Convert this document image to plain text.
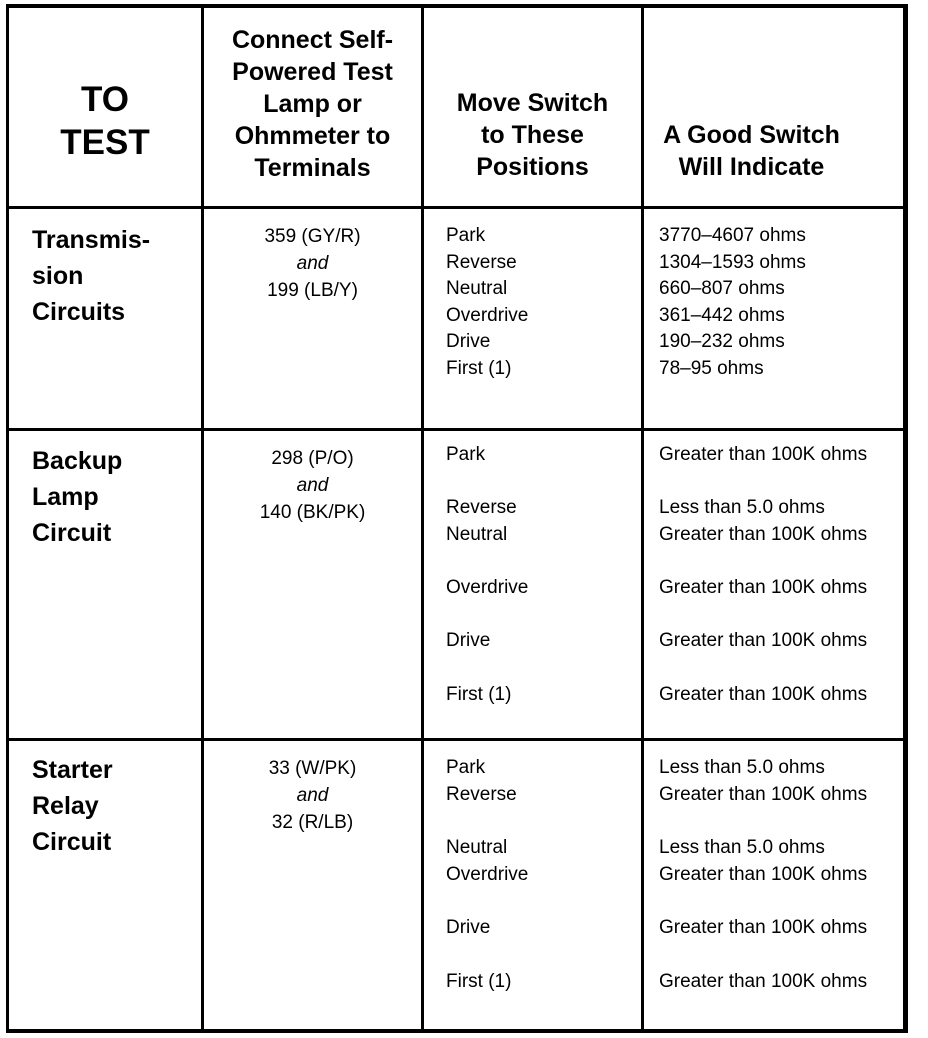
TO
TEST
Connect Self-
Powered Test
Lamp or
Ohmmeter to
Terminals
Move Switch
to These
Positions
A Good Switch
Will Indicate
Transmis-
sion
Circuits
359 (GY/R)
and
199 (LB/Y)
Park
Reverse
Neutral
Overdrive
Drive
First (1)
3770–4607 ohms
1304–1593 ohms
660–807 ohms
361–442 ohms
190–232 ohms
78–95 ohms
Backup
Lamp
Circuit
298 (P/O)
and
140 (BK/PK)
Park
Reverse
Neutral
Overdrive
Drive
First (1)
Greater than 100K ohms
Less than 5.0 ohms
Greater than 100K ohms
Greater than 100K ohms
Greater than 100K ohms
Greater than 100K ohms
Starter
Relay
Circuit
33 (W/PK)
and
32 (R/LB)
Park
Reverse
Neutral
Overdrive
Drive
First (1)
Less than 5.0 ohms
Greater than 100K ohms
Less than 5.0 ohms
Greater than 100K ohms
Greater than 100K ohms
Greater than 100K ohms
